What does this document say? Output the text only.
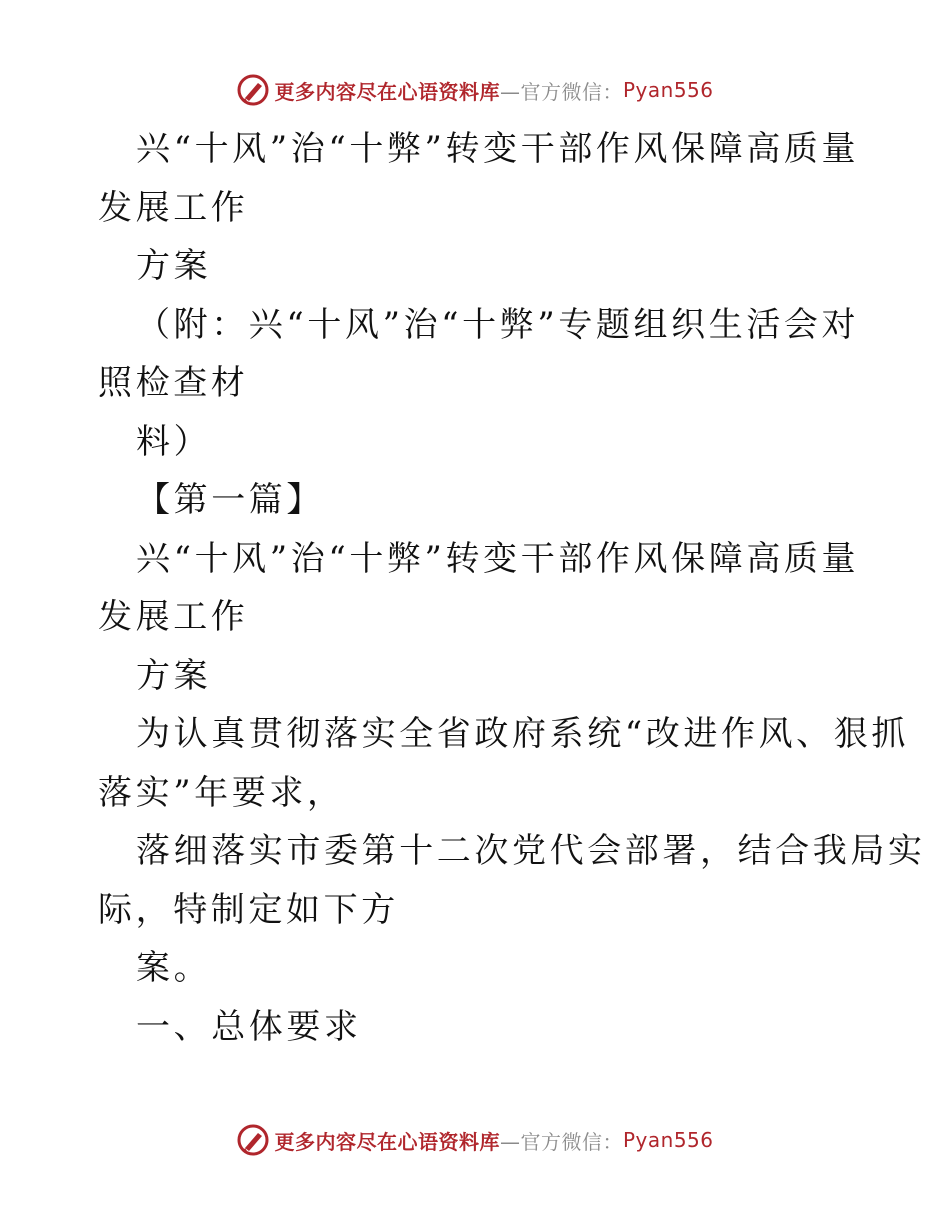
更多内容尽在心语资料库 —官方微信： Pyan556
兴“十风”治“十弊”转变干部作风保障高质量
发展工作
方案
（附：兴“十风”治“十弊”专题组织生活会对
照检查材
料）
【第一篇】
兴“十风”治“十弊”转变干部作风保障高质量
发展工作
方案
为认真贯彻落实全省政府系统“改进作风、狠抓
落实”年要求，
落细落实市委第十二次党代会部署，结合我局实
际，特制定如下方
案。
一、总体要求
更多内容尽在心语资料库 —官方微信： Pyan556
